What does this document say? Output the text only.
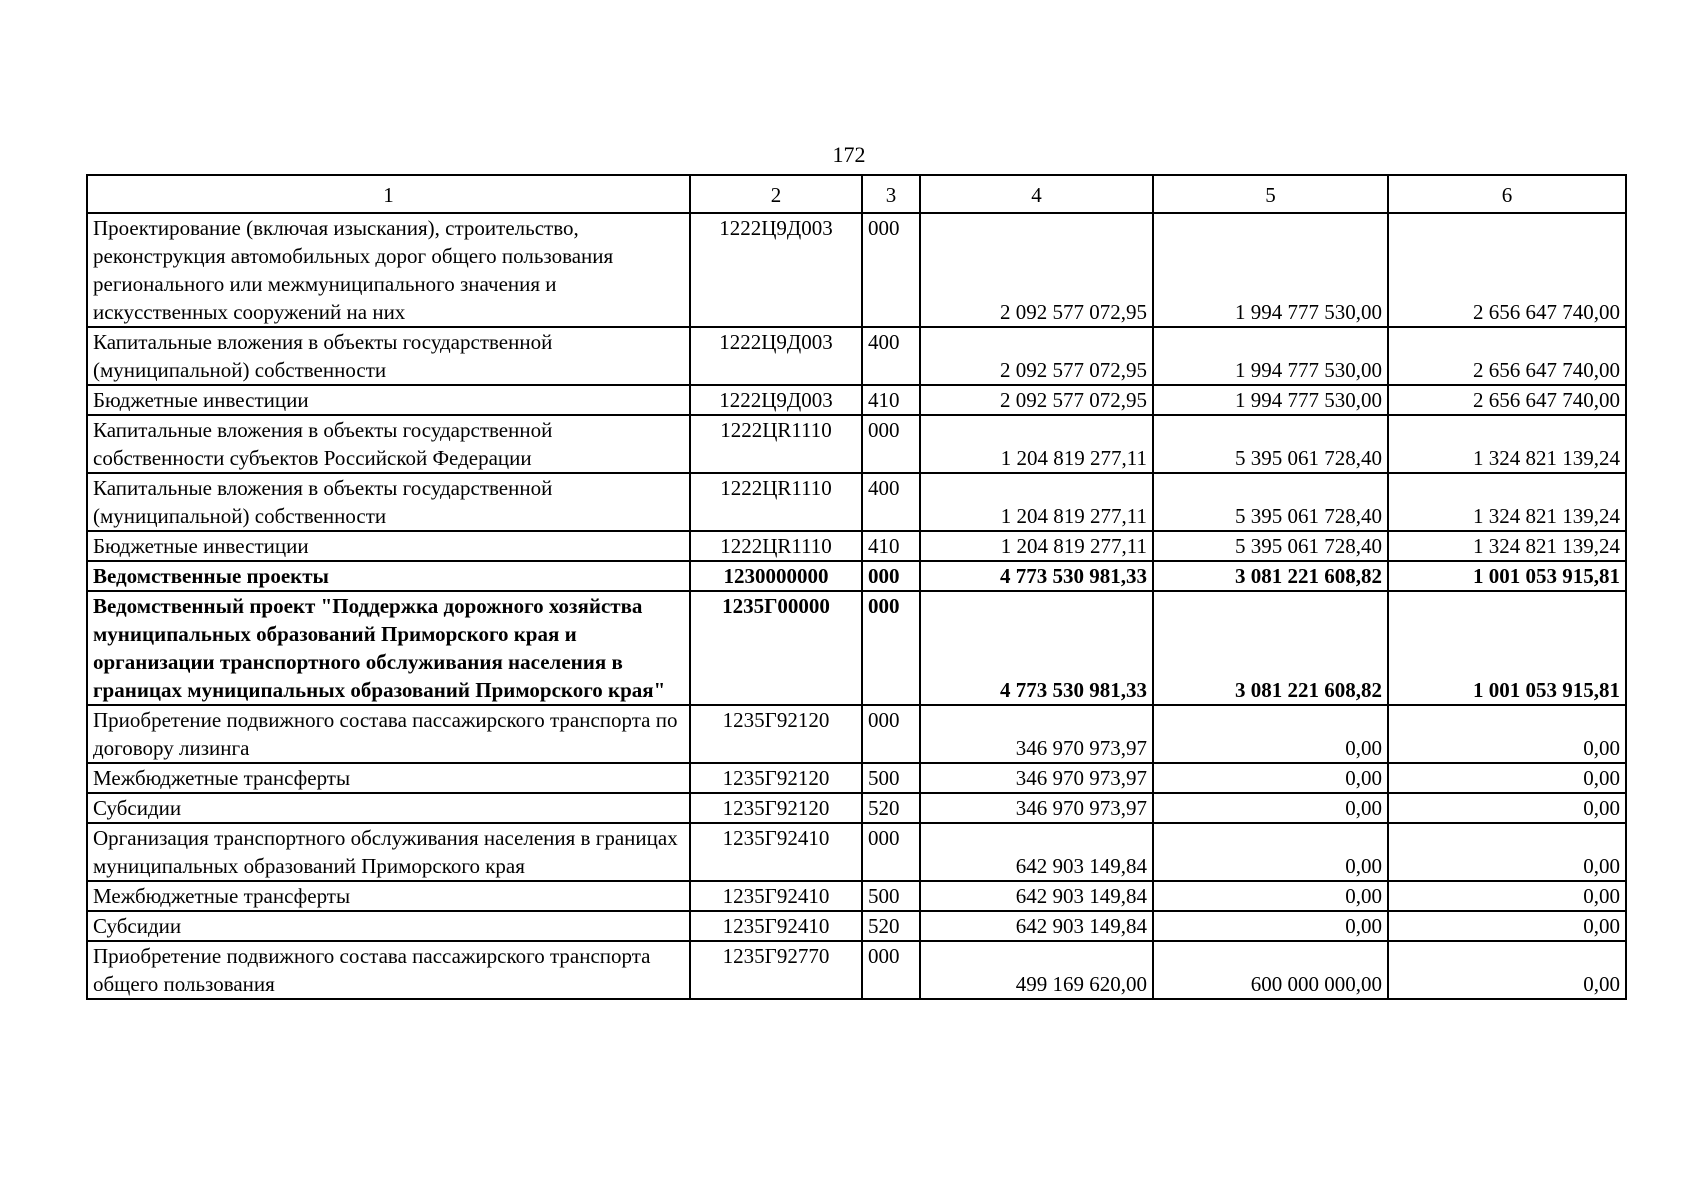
172
1	2	3	4	5	6
Проектирование (включая изыскания), строительство, реконструкция автомобильных дорог общего пользования регионального или межмуниципального значения и искусственных сооружений на них	1222Ц9Д003	000	2 092 577 072,95	1 994 777 530,00	2 656 647 740,00
Капитальные вложения в объекты государственной (муниципальной) собственности	1222Ц9Д003	400	2 092 577 072,95	1 994 777 530,00	2 656 647 740,00
Бюджетные инвестиции	1222Ц9Д003	410	2 092 577 072,95	1 994 777 530,00	2 656 647 740,00
Капитальные вложения в объекты государственной собственности субъектов Российской Федерации	1222ЦR1110	000	1 204 819 277,11	5 395 061 728,40	1 324 821 139,24
Капитальные вложения в объекты государственной (муниципальной) собственности	1222ЦR1110	400	1 204 819 277,11	5 395 061 728,40	1 324 821 139,24
Бюджетные инвестиции	1222ЦR1110	410	1 204 819 277,11	5 395 061 728,40	1 324 821 139,24
Ведомственные проекты	1230000000	000	4 773 530 981,33	3 081 221 608,82	1 001 053 915,81
Ведомственный проект "Поддержка дорожного хозяйства муниципальных образований Приморского края и организации транспортного обслуживания населения в границах муниципальных образований Приморского края"	1235Г00000	000	4 773 530 981,33	3 081 221 608,82	1 001 053 915,81
Приобретение подвижного состава пассажирского транспорта по договору лизинга	1235Г92120	000	346 970 973,97	0,00	0,00
Межбюджетные трансферты	1235Г92120	500	346 970 973,97	0,00	0,00
Субсидии	1235Г92120	520	346 970 973,97	0,00	0,00
Организация транспортного обслуживания населения в границах муниципальных образований Приморского края	1235Г92410	000	642 903 149,84	0,00	0,00
Межбюджетные трансферты	1235Г92410	500	642 903 149,84	0,00	0,00
Субсидии	1235Г92410	520	642 903 149,84	0,00	0,00
Приобретение подвижного состава пассажирского транспорта общего пользования	1235Г92770	000	499 169 620,00	600 000 000,00	0,00
